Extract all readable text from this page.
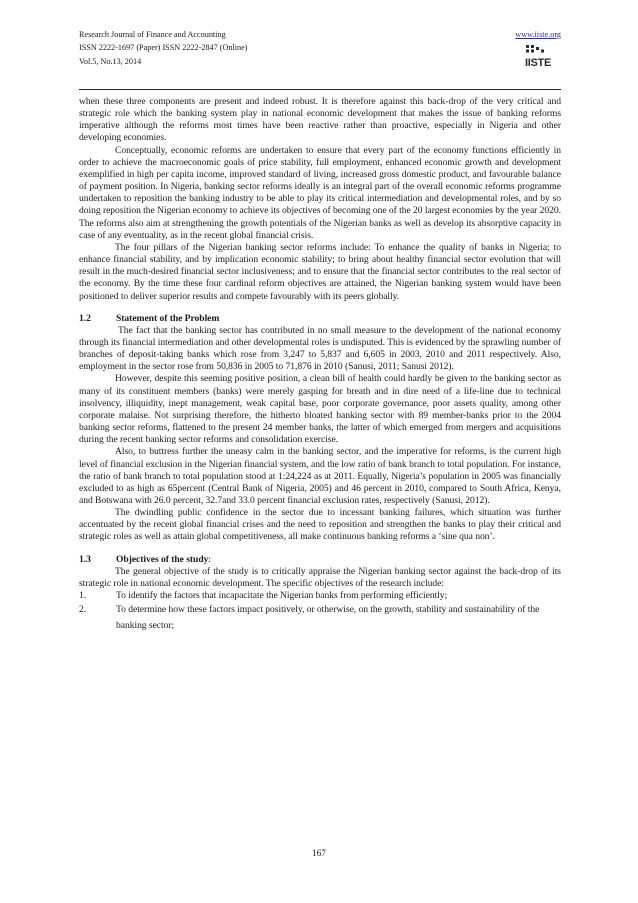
Research Journal of Finance and Accounting
ISSN 2222-1697 (Paper) ISSN 2222-2847 (Online)
Vol.5, No.13, 2014
www.iiste.org
IISTE

when these three components are present and indeed robust. It is therefore against this back-drop of the very critical and strategic role which the banking system play in national economic development that makes the issue of banking reforms imperative although the reforms most times have been reactive rather than proactive, especially in Nigeria and other developing economies.

Conceptually, economic reforms are undertaken to ensure that every part of the economy functions efficiently in order to achieve the macroeconomic goals of price stability, full employment, enhanced economic growth and development exemplified in high per capita income, improved standard of living, increased gross domestic product, and favourable balance of payment position. In Nigeria, banking sector reforms ideally is an integral part of the overall economic reforms programme undertaken to reposition the banking industry to be able to play its critical intermediation and developmental roles, and by so doing reposition the Nigerian economy to achieve its objectives of becoming one of the 20 largest economies by the year 2020. The reforms also aim at strengthening the growth potentials of the Nigerian banks as well as develop its absorptive capacity in case of any eventuality, as in the recent global financial crisis.

The four pillars of the Nigerian banking sector reforms include: To enhance the quality of banks in Nigeria; to enhance financial stability, and by implication economic stability; to bring about healthy financial sector evolution that will result in the much-desired financial sector inclusiveness; and to ensure that the financial sector contributes to the real sector of the economy. By the time these four cardinal reform objectives are attained, the Nigerian banking system would have been positioned to deliver superior results and compete favourably with its peers globally.

1.2	Statement of the Problem

The fact that the banking sector has contributed in no small measure to the development of the national economy through its financial intermediation and other developmental roles is undisputed. This is evidenced by the sprawling number of branches of deposit-taking banks which rose from 3,247 to 5,837 and 6,605 in 2003, 2010 and 2011 respectively. Also, employment in the sector rose from 50,836 in 2005 to 71,876 in 2010 (Sanusi, 2011; Sanusi 2012).

However, despite this seeming positive position, a clean bill of health could hardly be given to the banking sector as many of its constituent members (banks) were merely gasping for breath and in dire need of a life-line due to technical insolvency, illiquidity, inept management, weak capital base, poor corporate governance, poor assets quality, among other corporate malaise. Not surprising therefore, the hitherto bloated banking sector with 89 member-banks prior to the 2004 banking sector reforms, flattened to the present 24 member banks, the latter of which emerged from mergers and acquisitions during the recent banking sector reforms and consolidation exercise.

Also, to buttress further the uneasy calm in the banking sector, and the imperative for reforms, is the current high level of financial exclusion in the Nigerian financial system, and the low ratio of bank branch to total population. For instance, the ratio of bank branch to total population stood at 1:24,224 as at 2011. Equally, Nigeria’s population in 2005 was financially excluded to as high as 65percent (Central Bank of Nigeria, 2005) and 46 percent in 2010, compared to South Africa, Kenya, and Botswana with 26.0 percent, 32.7and 33.0 percent financial exclusion rates, respectively (Sanusi, 2012).

The dwindling public confidence in the sector due to incessant banking failures, which situation was further accentuated by the recent global financial crises and the need to reposition and strengthen the banks to play their critical and strategic roles as well as attain global competitiveness, all make continuous banking reforms a ‘sine qua non’.

1.3	Objectives of the study:

The general objective of the study is to critically appraise the Nigerian banking sector against the back-drop of its strategic role in national economic development. The specific objectives of the research include:

1.	To identify the factors that incapacitate the Nigerian banks from performing efficiently;
2.	To determine how these factors impact positively, or otherwise, on the growth, stability and sustainability of the banking sector;
167
